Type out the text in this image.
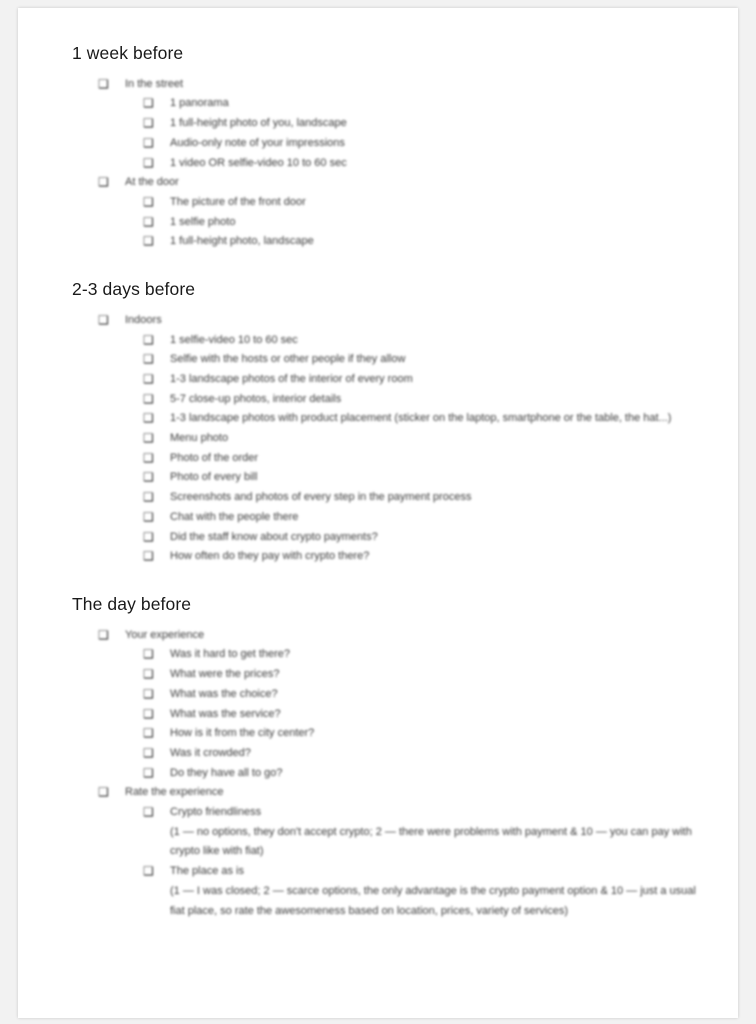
1 week before
❑	In the street
❑	1 panorama
❑	1 full-height photo of you, landscape
❑	Audio-only note of your impressions
❑	1 video OR selfie-video 10 to 60 sec
❑	At the door
❑	The picture of the front door
❑	1 selfie photo
❑	1 full-height photo, landscape
2-3 days before
❑	Indoors
❑	1 selfie-video 10 to 60 sec
❑	Selfie with the hosts or other people if they allow
❑	1-3 landscape photos of the interior of every room
❑	5-7 close-up photos, interior details
❑	1-3 landscape photos with product placement (sticker on the laptop, smartphone or the table, the hat...)
❑	Menu photo
❑	Photo of the order
❑	Photo of every bill
❑	Screenshots and photos of every step in the payment process
❑	Chat with the people there
❑	Did the staff know about crypto payments?
❑	How often do they pay with crypto there?
The day before
❑	Your experience
❑	Was it hard to get there?
❑	What were the prices?
❑	What was the choice?
❑	What was the service?
❑	How is it from the city center?
❑	Was it crowded?
❑	Do they have all to go?
❑	Rate the experience
❑	Crypto friendliness
(1 — no options, they don't accept crypto; 2 — there were problems with payment & 10 — you can pay with crypto like with fiat)
❑	The place as is
(1 — I was closed; 2 — scarce options, the only advantage is the crypto payment option & 10 — just a usual fiat place, so rate the awesomeness based on location, prices, variety of services)
